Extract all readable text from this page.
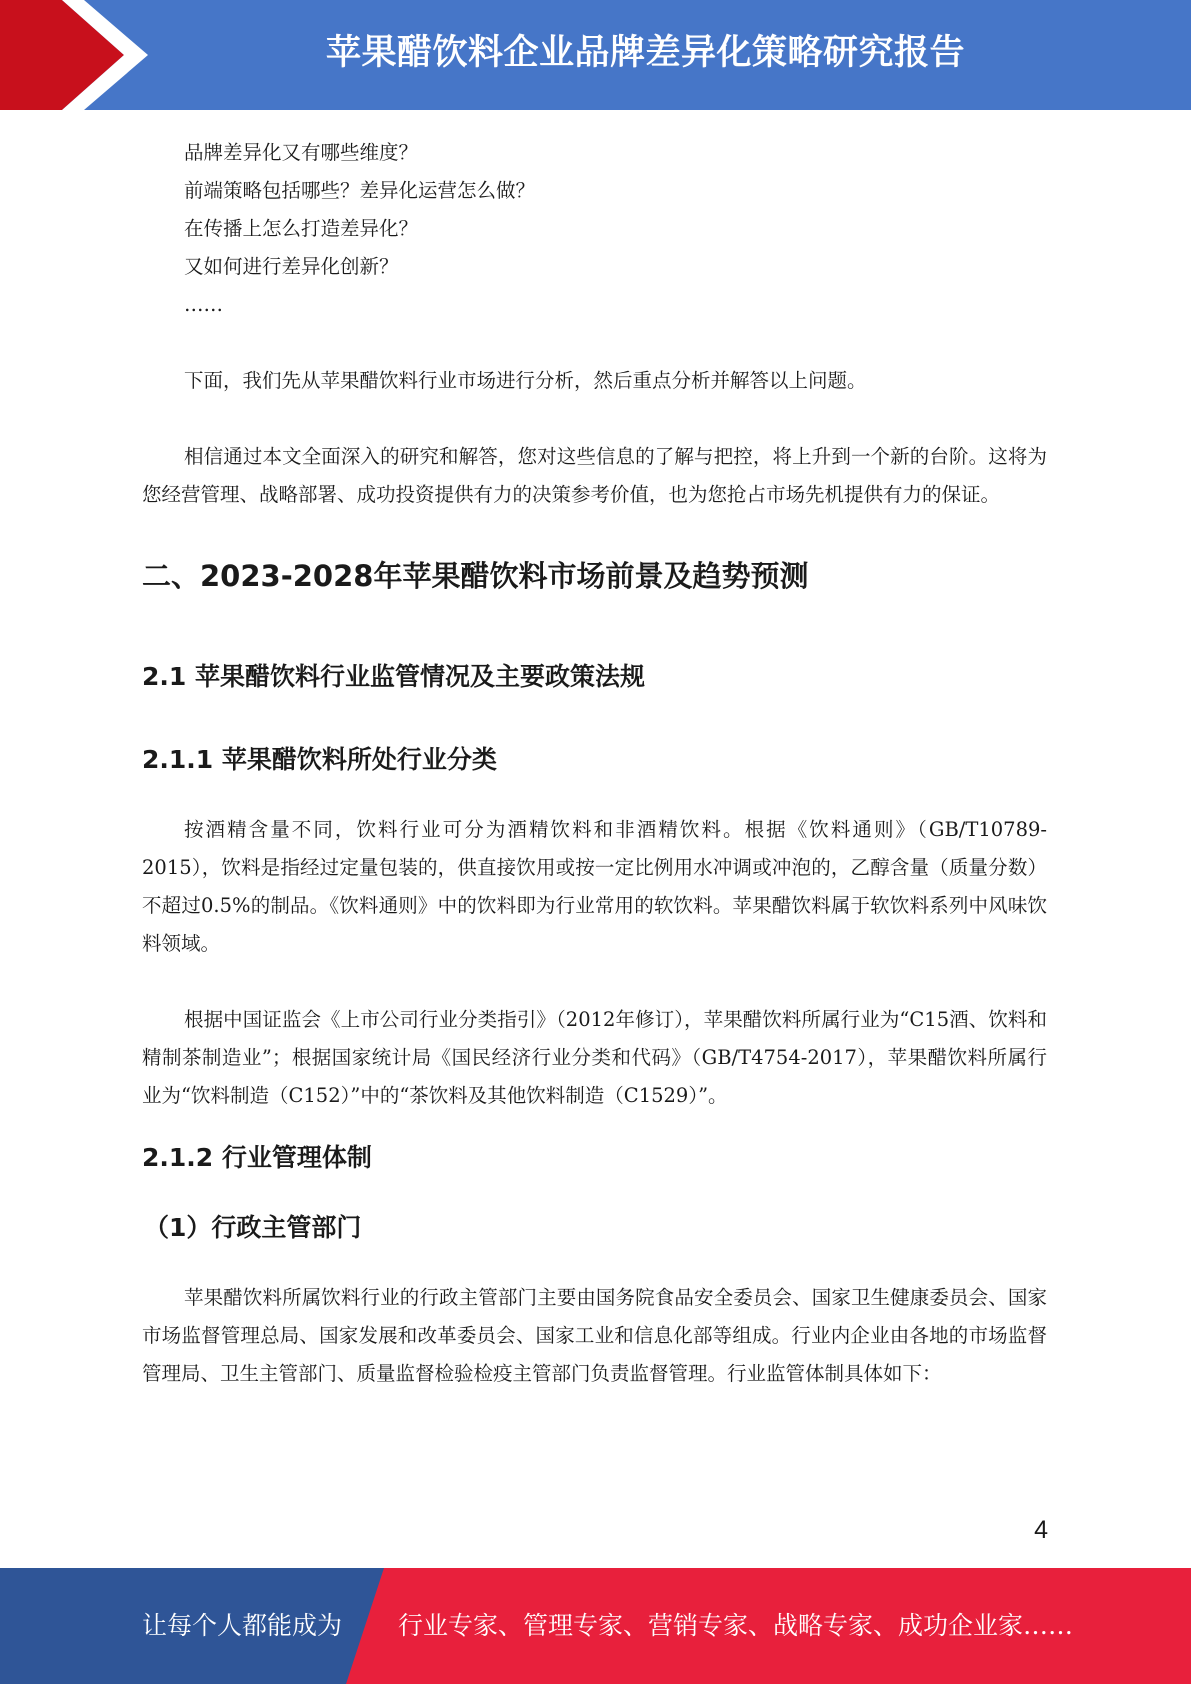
苹果醋饮料企业品牌差异化策略研究报告
品牌差异化又有哪些维度？
前端策略包括哪些？差异化运营怎么做？
在传播上怎么打造差异化？
又如何进行差异化创新？
……

下面，我们先从苹果醋饮料行业市场进行分析，然后重点分析并解答以上问题。

相信通过本文全面深入的研究和解答，您对这些信息的了解与把控，将上升到一个新的台阶。这将为您经营管理、战略部署、成功投资提供有力的决策参考价值，也为您抢占市场先机提供有力的保证。

二、2023-2028年苹果醋饮料市场前景及趋势预测
2.1 苹果醋饮料行业监管情况及主要政策法规
2.1.1 苹果醋饮料所处行业分类

按酒精含量不同，饮料行业可分为酒精饮料和非酒精饮料。根据《饮料通则》（GB/T10789-2015），饮料是指经过定量包装的，供直接饮用或按一定比例用水冲调或冲泡的，乙醇含量（质量分数）不超过0.5%的制品。《饮料通则》中的饮料即为行业常用的软饮料。苹果醋饮料属于软饮料系列中风味饮料领域。

根据中国证监会《上市公司行业分类指引》（2012年修订），苹果醋饮料所属行业为“C15酒、饮料和精制茶制造业”；根据国家统计局《国民经济行业分类和代码》（GB/T4754-2017），苹果醋饮料所属行业为“饮料制造（C152）”中的“茶饮料及其他饮料制造（C1529）”。

2.1.2 行业管理体制
（1）行政主管部门

苹果醋饮料所属饮料行业的行政主管部门主要由国务院食品安全委员会、国家卫生健康委员会、国家市场监督管理总局、国家发展和改革委员会、国家工业和信息化部等组成。行业内企业由各地的市场监督管理局、卫生主管部门、质量监督检验检疫主管部门负责监督管理。行业监管体制具体如下：

4
让每个人都能成为 行业专家、管理专家、营销专家、战略专家、成功企业家……
